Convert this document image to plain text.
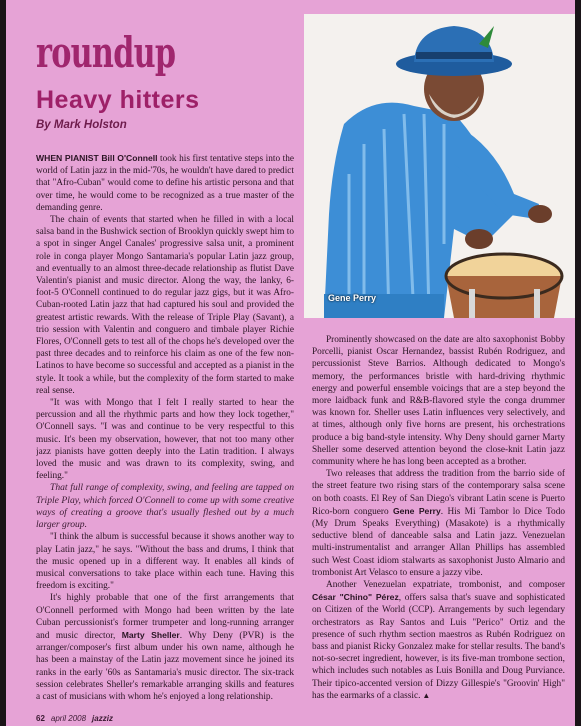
roundup
Heavy hitters
By Mark Holston
Gene Perry

WHEN PIANIST Bill O'Connell took his first tentative steps into the world of Latin jazz in the mid-'70s, he wouldn't have dared to predict that "Afro-Cuban" would come to define his artistic persona and that over time, he would come to be recognized as a true master of the demanding genre.

The chain of events that started when he filled in with a local salsa band in the Bushwick section of Brooklyn quickly swept him to a spot in singer Angel Canales' progressive salsa unit, a prominent role in conga player Mongo Santamaria's popular Latin jazz group, and eventually to an almost three-decade relationship as flutist Dave Valentin's pianist and music director. Along the way, the lanky, 6-foot-5 O'Connell continued to do regular jazz gigs, but it was Afro-Cuban-rooted Latin jazz that had captured his soul and provided the greatest artistic rewards. With the release of Triple Play (Savant), a trio session with Valentin and conguero and timbale player Richie Flores, O'Connell gets to test all of the chops he's developed over the past three decades and to reinforce his claim as one of the few non-Latinos to have become so successful and accepted as a pianist in the style. It took a while, but the complexity of the form started to make real sense.

"It was with Mongo that I felt I really started to hear the percussion and all the rhythmic parts and how they lock together," O'Connell says. "I was and continue to be very respectful to this music. It's been my observation, however, that not too many other jazz pianists have gotten deeply into the Latin tradition. I always loved the music and was drawn to its complexity, swing, and feeling."

That full range of complexity, swing, and feeling are tapped on Triple Play, which forced O'Connell to come up with some creative ways of creating a groove that's usually fleshed out by a much larger group.

"I think the album is successful because it shows another way to play Latin jazz," he says. "Without the bass and drums, I think that the music opened up in a different way. It enables all kinds of musical conversations to take place within each tune. Having this freedom is exciting."

It's highly probable that one of the first arrangements that O'Connell performed with Mongo had been written by the late Cuban percussionist's former trumpeter and long-running arranger and music director, Marty Sheller. Why Deny (PVR) is the arranger/composer's first album under his own name, although he has been a mainstay of the Latin jazz movement since he joined its ranks in the early '60s as Santamaria's music director. The six-track session celebrates Sheller's remarkable arranging skills and features a cast of musicians with whom he's enjoyed a long relationship.

Prominently showcased on the date are alto saxophonist Bobby Porcelli, pianist Oscar Hernandez, bassist Rubén Rodriguez, and percussionist Steve Barrios. Although dedicated to Mongo's memory, the performances bristle with hard-driving rhythmic energy and powerful ensemble voicings that are a step beyond the more laidback funk and R&B-flavored style the conga drummer was known for. Sheller uses Latin influences very selectively, and at times, although only five horns are present, his orchestrations produce a big band-style intensity. Why Deny should garner Marty Sheller some deserved attention beyond the close-knit Latin jazz community where he has long been accepted as a brother.

Two releases that address the tradition from the barrio side of the street feature two rising stars of the contemporary salsa scene on both coasts. El Rey of San Diego's vibrant Latin scene is Puerto Rico-born conguero Gene Perry. His Mi Tambor lo Dice Todo (My Drum Speaks Everything) (Masakote) is a rhythmically seductive blend of danceable salsa and Latin jazz. Venezuelan multi-instrumentalist and arranger Allan Phillips has assembled such West Coast idiom stalwarts as saxophonist Justo Almario and trombonist Art Velasco to ensure a jazzy vibe.

Another Venezuelan expatriate, trombonist, and composer César "Chino" Pérez, offers salsa that's suave and sophisticated on Citizen of the World (CCP). Arrangements by such legendary orchestrators as Ray Santos and Luis "Perico" Ortiz and the presence of such rhythm section maestros as Rubén Rodriguez on bass and pianist Ricky Gonzalez make for stellar results. The band's not-so-secret ingredient, however, is its five-man trombone section, which includes such notables as Luis Bonilla and Doug Purviance. Their tipico-accented version of Dizzy Gillespie's "Groovin' High" has the earmarks of a classic. ▲

62 april 2008 jazziz
